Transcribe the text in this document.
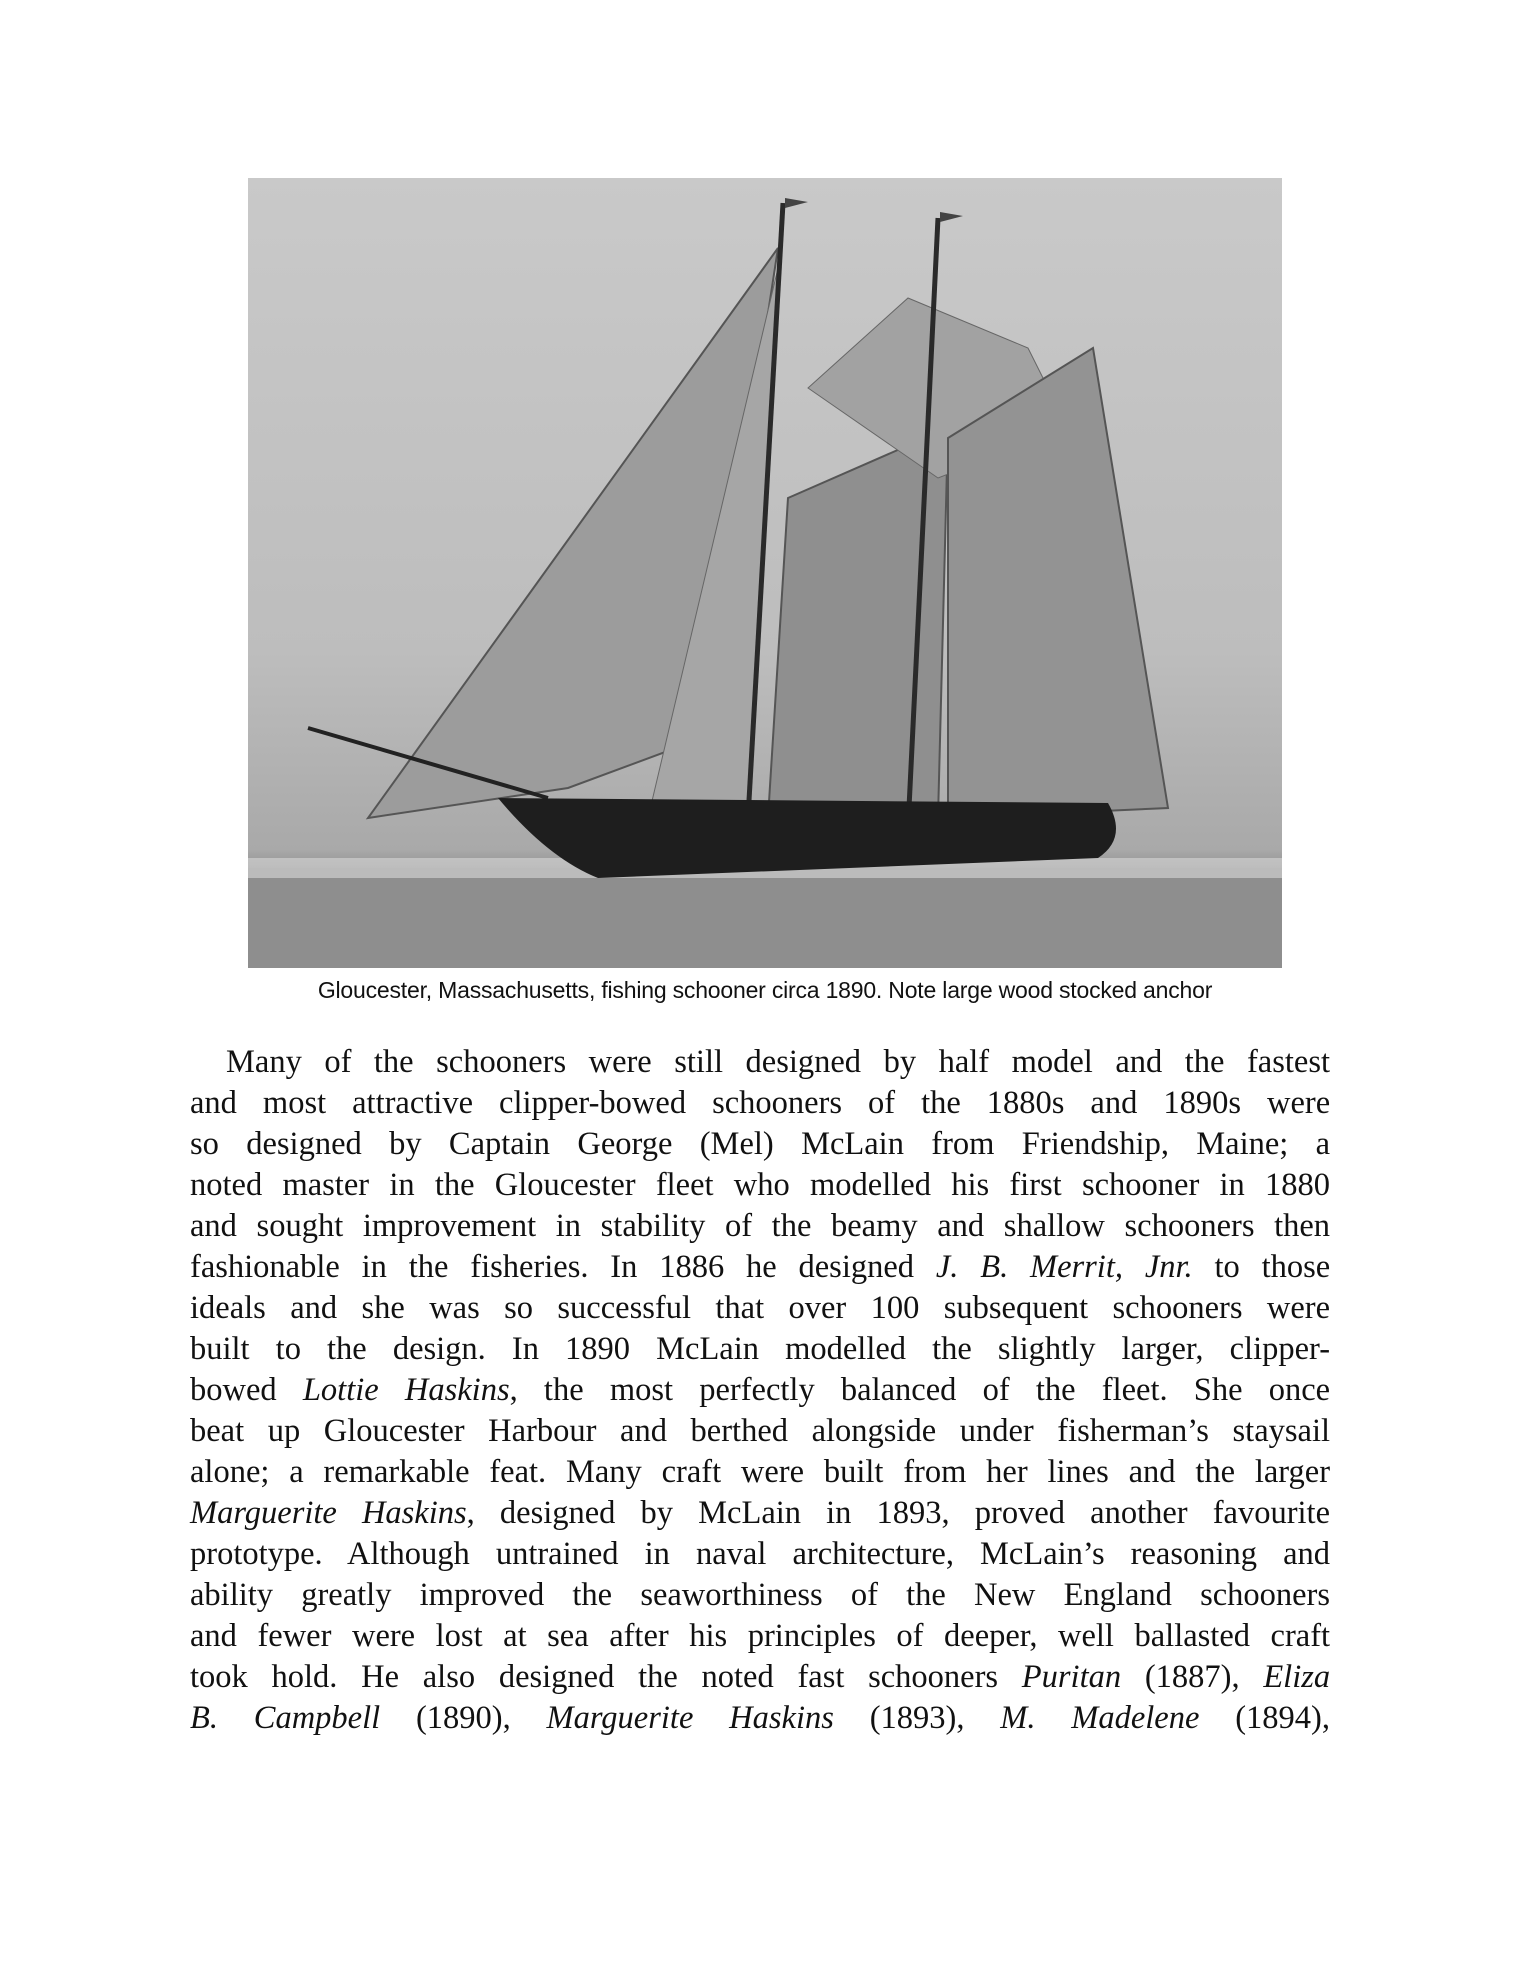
Gloucester, Massachusetts, fishing schooner circa 1890. Note large wood stocked anchor
Many of the schooners were still designed by half model and the fastest
and most attractive clipper-bowed schooners of the 1880s and 1890s were
so designed by Captain George (Mel) McLain from Friendship, Maine; a
noted master in the Gloucester fleet who modelled his first schooner in 1880
and sought improvement in stability of the beamy and shallow schooners then
fashionable in the fisheries. In 1886 he designed J. B. Merrit, Jnr. to those
ideals and she was so successful that over 100 subsequent schooners were
built to the design. In 1890 McLain modelled the slightly larger, clipper-
bowed Lottie Haskins, the most perfectly balanced of the fleet. She once
beat up Gloucester Harbour and berthed alongside under fisherman’s staysail
alone; a remarkable feat. Many craft were built from her lines and the larger
Marguerite Haskins, designed by McLain in 1893, proved another favourite
prototype. Although untrained in naval architecture, McLain’s reasoning and
ability greatly improved the seaworthiness of the New England schooners
and fewer were lost at sea after his principles of deeper, well ballasted craft
took hold. He also designed the noted fast schooners Puritan (1887), Eliza
B. Campbell (1890), Marguerite Haskins (1893), M. Madelene (1894),
